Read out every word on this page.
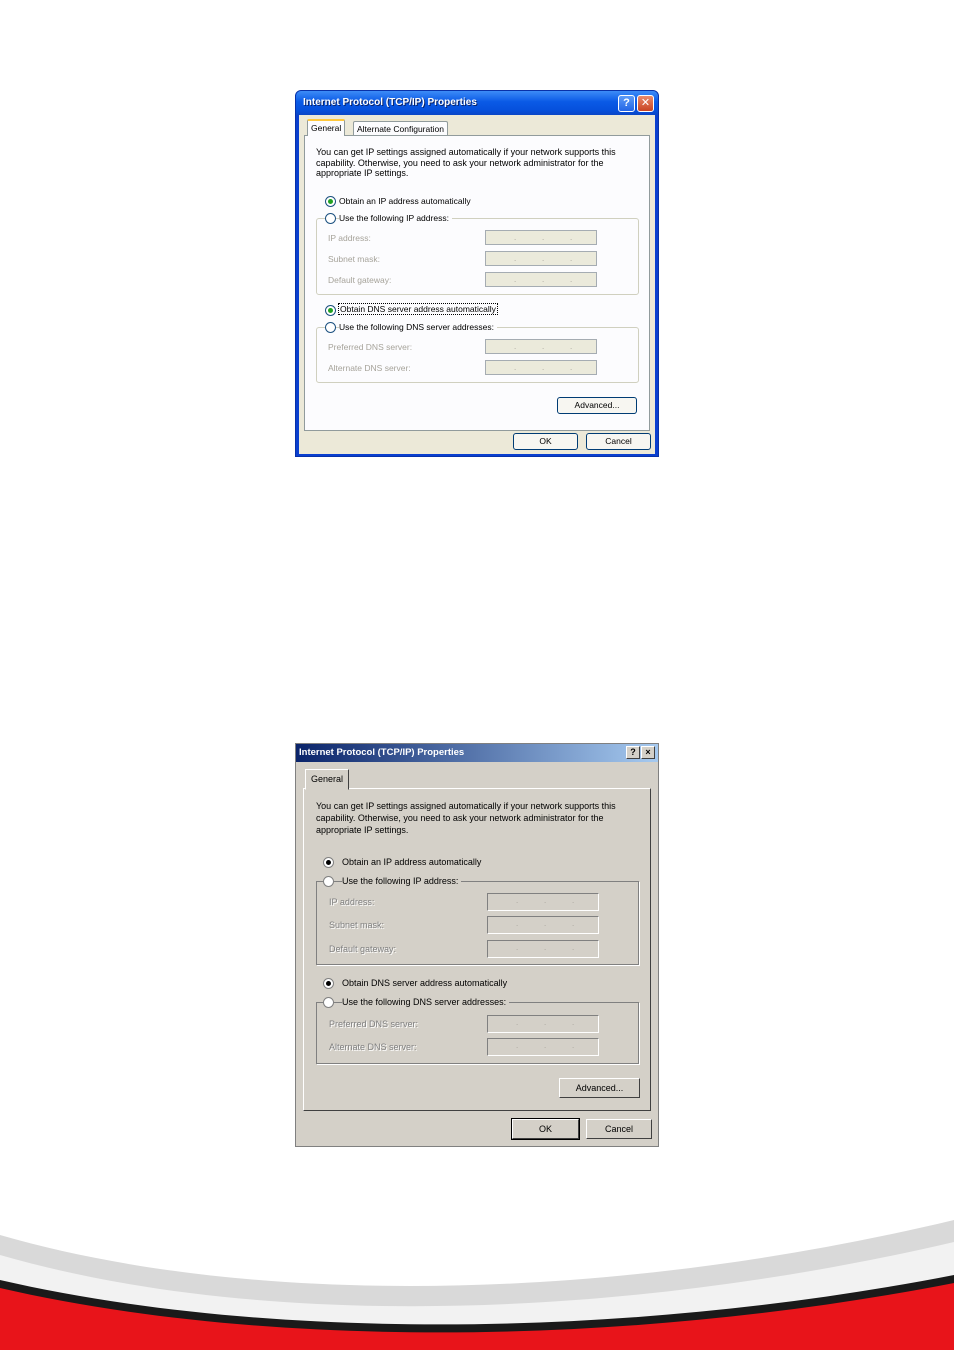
Internet Protocol (TCP/IP) Properties	?	✕
General	Alternate Configuration
You can get IP settings assigned automatically if your network supports this capability. Otherwise, you need to ask your network administrator for the appropriate IP settings.
Obtain an IP address automatically
Use the following IP address:
IP address:	.	.	.
Subnet mask:	.	.	.
Default gateway:	.	.	.
Obtain DNS server address automatically
Use the following DNS server addresses:
Preferred DNS server:	.	.	.
Alternate DNS server:	.	.	.
Advanced...
OK	Cancel
Internet Protocol (TCP/IP) Properties	?	×
General
You can get IP settings assigned automatically if your network supports this capability. Otherwise, you need to ask your network administrator for the appropriate IP settings.
Obtain an IP address automatically
Use the following IP address:
IP address:	.	.	.
Subnet mask:	.	.	.
Default gateway:	.	.	.
Obtain DNS server address automatically
Use the following DNS server addresses:
Preferred DNS server:	.	.	.
Alternate DNS server:	.	.	.
Advanced...
OK	Cancel
